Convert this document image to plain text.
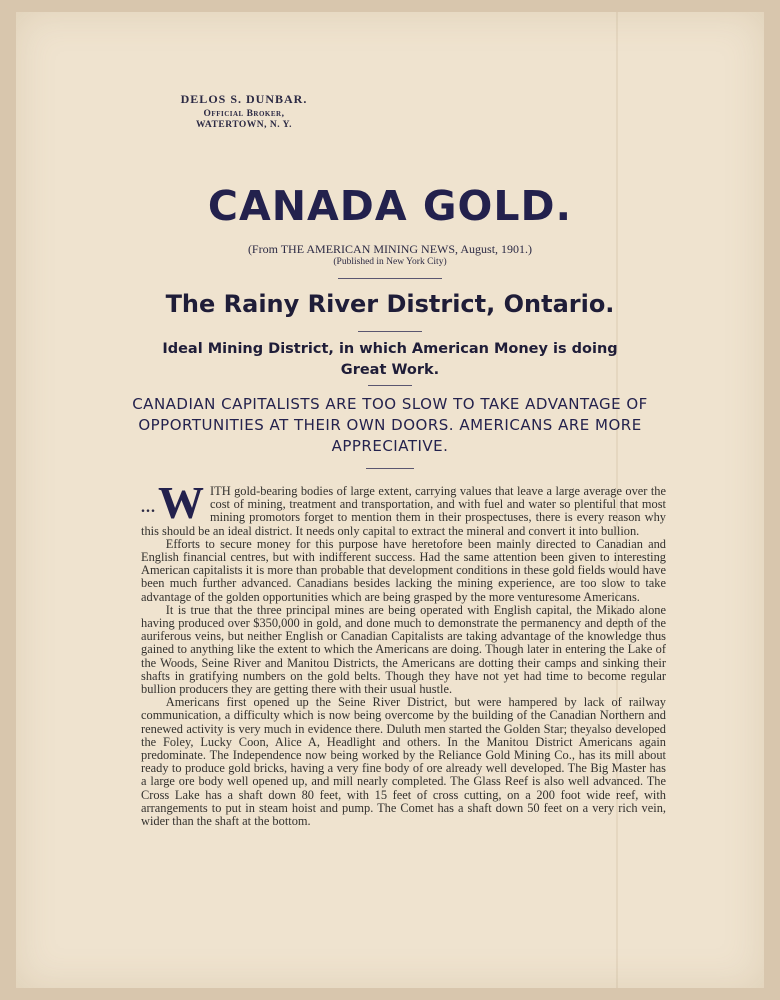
DELOS S. DUNBAR.
Official Broker,
WATERTOWN, N. Y.
CANADA GOLD.
(From THE AMERICAN MINING NEWS, August, 1901.)
(Published in New York City)
The Rainy River District, Ontario.
Ideal Mining District, in which American Money is doing Great Work.
CANADIAN CAPITALISTS ARE TOO SLOW TO TAKE ADVANTAGE OF OPPORTUNITIES AT THEIR OWN DOORS. AMERICANS ARE MORE APPRECIATIVE.

... W ITH gold-bearing bodies of large extent, carrying values that leave a large average over the cost of mining, treatment and transportation, and with fuel and water so plentiful that most mining promotors forget to mention them in their prospectuses, there is every reason why this should be an ideal district. It needs only capital to extract the mineral and convert it into bullion.

Efforts to secure money for this purpose have heretofore been mainly directed to Canadian and English financial centres, but with indifferent success. Had the same attention been given to interesting American capitalists it is more than probable that development conditions in these gold fields would have been much further advanced. Canadians besides lacking the mining experience, are too slow to take advantage of the golden opportunities which are being grasped by the more venturesome Americans.

It is true that the three principal mines are being operated with English capital, the Mikado alone having produced over $350,000 in gold, and done much to demonstrate the permanency and depth of the auriferous veins, but neither English or Canadian Capitalists are taking advantage of the knowledge thus gained to anything like the extent to which the Americans are doing. Though later in entering the Lake of the Woods, Seine River and Manitou Districts, the Americans are dotting their camps and sinking their shafts in gratifying numbers on the gold belts. Though they have not yet had time to become regular bullion producers they are getting there with their usual hustle.

Americans first opened up the Seine River District, but were hampered by lack of railway communication, a difficulty which is now being overcome by the building of the Canadian Northern and renewed activity is very much in evidence there. Duluth men started the Golden Star; theyalso developed the Foley, Lucky Coon, Alice A, Headlight and others. In the Manitou District Americans again predominate. The Independence now being worked by the Reliance Gold Mining Co., has its mill about ready to produce gold bricks, having a very fine body of ore already well developed. The Big Master has a large ore body well opened up, and mill nearly completed. The Glass Reef is also well advanced. The Cross Lake has a shaft down 80 feet, with 15 feet of cross cutting, on a 200 foot wide reef, with arrangements to put in steam hoist and pump. The Comet has a shaft down 50 feet on a very rich vein, wider than the shaft at the bottom.
